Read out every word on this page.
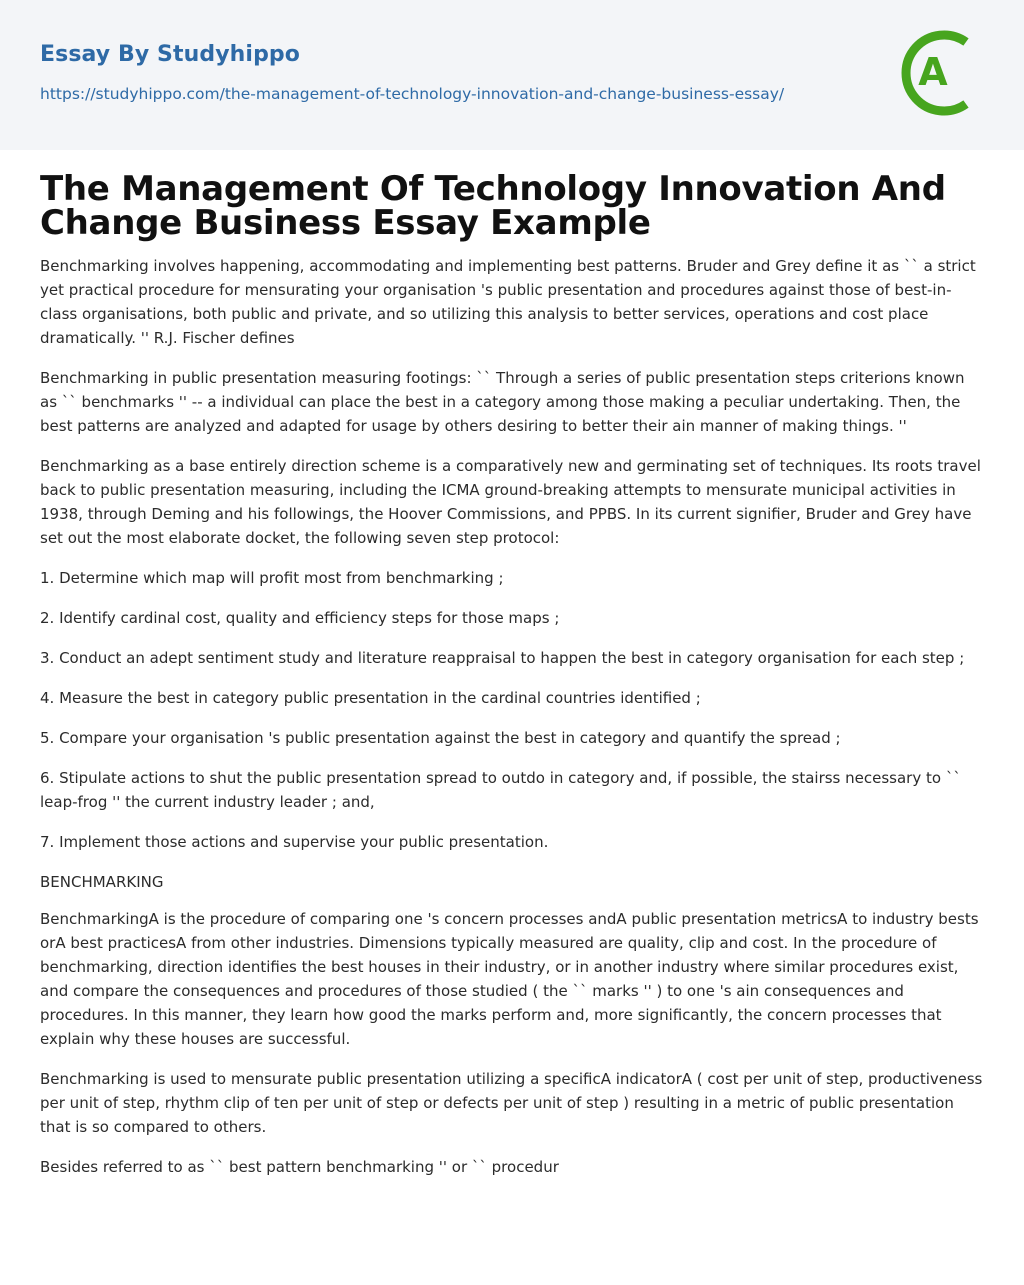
Essay By Studyhippo
https://studyhippo.com/the-management-of-technology-innovation-and-change-business-essay/	A
The Management Of Technology Innovation And Change Business Essay Example

Benchmarking involves happening, accommodating and implementing best patterns. Bruder and Grey define it as `` a strict yet practical procedure for mensurating your organisation 's public presentation and procedures against those of best-in-class organisations, both public and private, and so utilizing this analysis to better services, operations and cost place dramatically. '' R.J. Fischer defines

Benchmarking in public presentation measuring footings: `` Through a series of public presentation steps criterions known as `` benchmarks '' -- a individual can place the best in a category among those making a peculiar undertaking. Then, the best patterns are analyzed and adapted for usage by others desiring to better their ain manner of making things. ''

Benchmarking as a base entirely direction scheme is a comparatively new and germinating set of techniques. Its roots travel back to public presentation measuring, including the ICMA ground-breaking attempts to mensurate municipal activities in 1938, through Deming and his followings, the Hoover Commissions, and PPBS. In its current signifier, Bruder and Grey have set out the most elaborate docket, the following seven step protocol:

1. Determine which map will profit most from benchmarking ;

2. Identify cardinal cost, quality and efficiency steps for those maps ;

3. Conduct an adept sentiment study and literature reappraisal to happen the best in category organisation for each step ;

4. Measure the best in category public presentation in the cardinal countries identified ;

5. Compare your organisation 's public presentation against the best in category and quantify the spread ;

6. Stipulate actions to shut the public presentation spread to outdo in category and, if possible, the stairss necessary to `` leap-frog '' the current industry leader ; and,

7. Implement those actions and supervise your public presentation.

BENCHMARKING

BenchmarkingA is the procedure of comparing one 's concern processes andA public presentation metricsA to industry bests orA best practicesA from other industries. Dimensions typically measured are quality, clip and cost. In the procedure of benchmarking, direction identifies the best houses in their industry, or in another industry where similar procedures exist, and compare the consequences and procedures of those studied ( the `` marks '' ) to one 's ain consequences and procedures. In this manner, they learn how good the marks perform and, more significantly, the concern processes that explain why these houses are successful.

Benchmarking is used to mensurate public presentation utilizing a specificA indicatorA ( cost per unit of step, productiveness per unit of step, rhythm clip of ten per unit of step or defects per unit of step ) resulting in a metric of public presentation that is so compared to others.

Besides referred to as `` best pattern benchmarking '' or `` procedur
